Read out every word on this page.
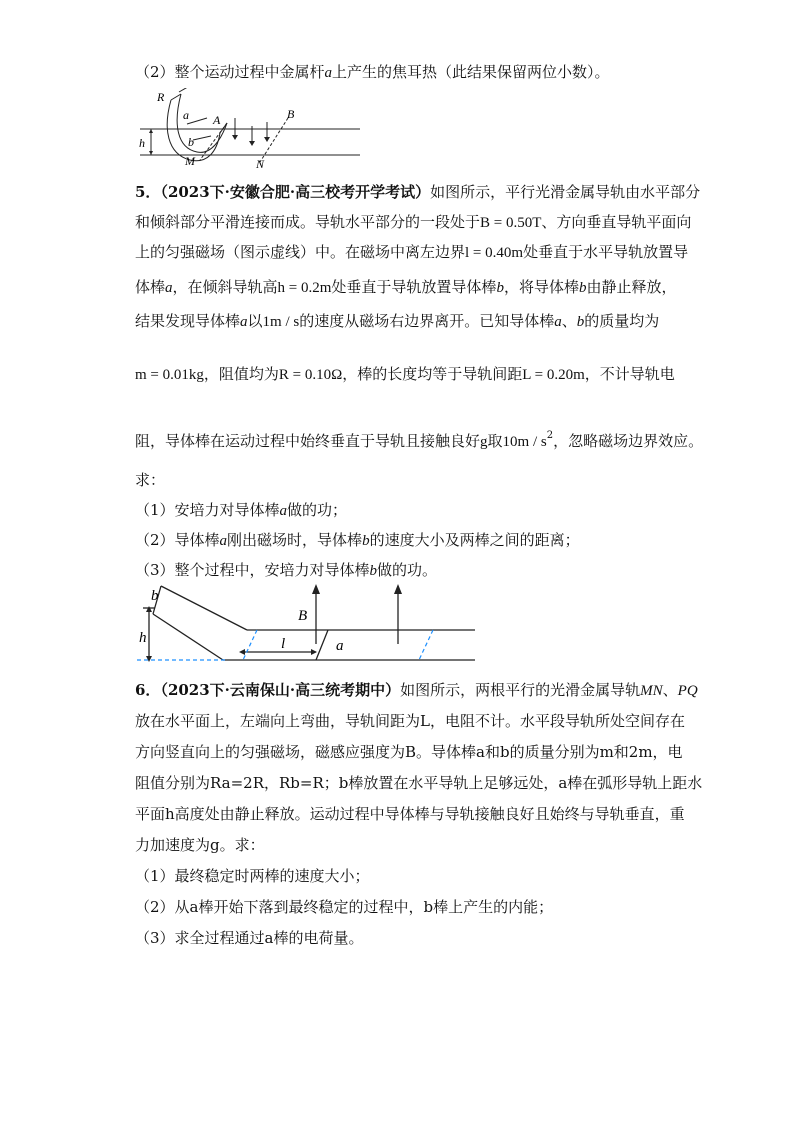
（2）整个运动过程中金属杆a上产生的焦耳热（此结果保留两位小数）。
R
a
b
A	B
h
M	N
5．（2023下·安徽合肥·高三校考开学考试）如图所示，平行光滑金属导轨由水平部分
和倾斜部分平滑连接而成。导轨水平部分的一段处于B = 0.50T、方向垂直导轨平面向
上的匀强磁场（图示虚线）中。在磁场中离左边界l = 0.40m处垂直于水平导轨放置导
体棒a，在倾斜导轨高h = 0.2m处垂直于导轨放置导体棒b，将导体棒b由静止释放，
结果发现导体棒a以1m / s的速度从磁场右边界离开。已知导体棒a、b的质量均为
m = 0.01kg，阻值均为R = 0.10Ω，棒的长度均等于导轨间距L = 0.20m，不计导轨电
阻，导体棒在运动过程中始终垂直于导轨且接触良好g取$10m / s^2$，忽略磁场边界效应。
求：
（1）安培力对导体棒a做的功；
（2）导体棒a刚出磁场时，导体棒b的速度大小及两棒之间的距离；
（3）整个过程中，安培力对导体棒b做的功。
b
h
B
l	a
6．（2023下·云南保山·高三统考期中）如图所示，两根平行的光滑金属导轨MN、PQ
放在水平面上，左端向上弯曲，导轨间距为L，电阻不计。水平段导轨所处空间存在
方向竖直向上的匀强磁场，磁感应强度为B。导体棒a和b的质量分别为m和2m，电
阻值分别为Ra=2R，Rb=R；b棒放置在水平导轨上足够远处，a棒在弧形导轨上距水
平面h高度处由静止释放。运动过程中导体棒与导轨接触良好且始终与导轨垂直，重
力加速度为g。求：
（1）最终稳定时两棒的速度大小；
（2）从a棒开始下落到最终稳定的过程中，b棒上产生的内能；
（3）求全过程通过a棒的电荷量。
